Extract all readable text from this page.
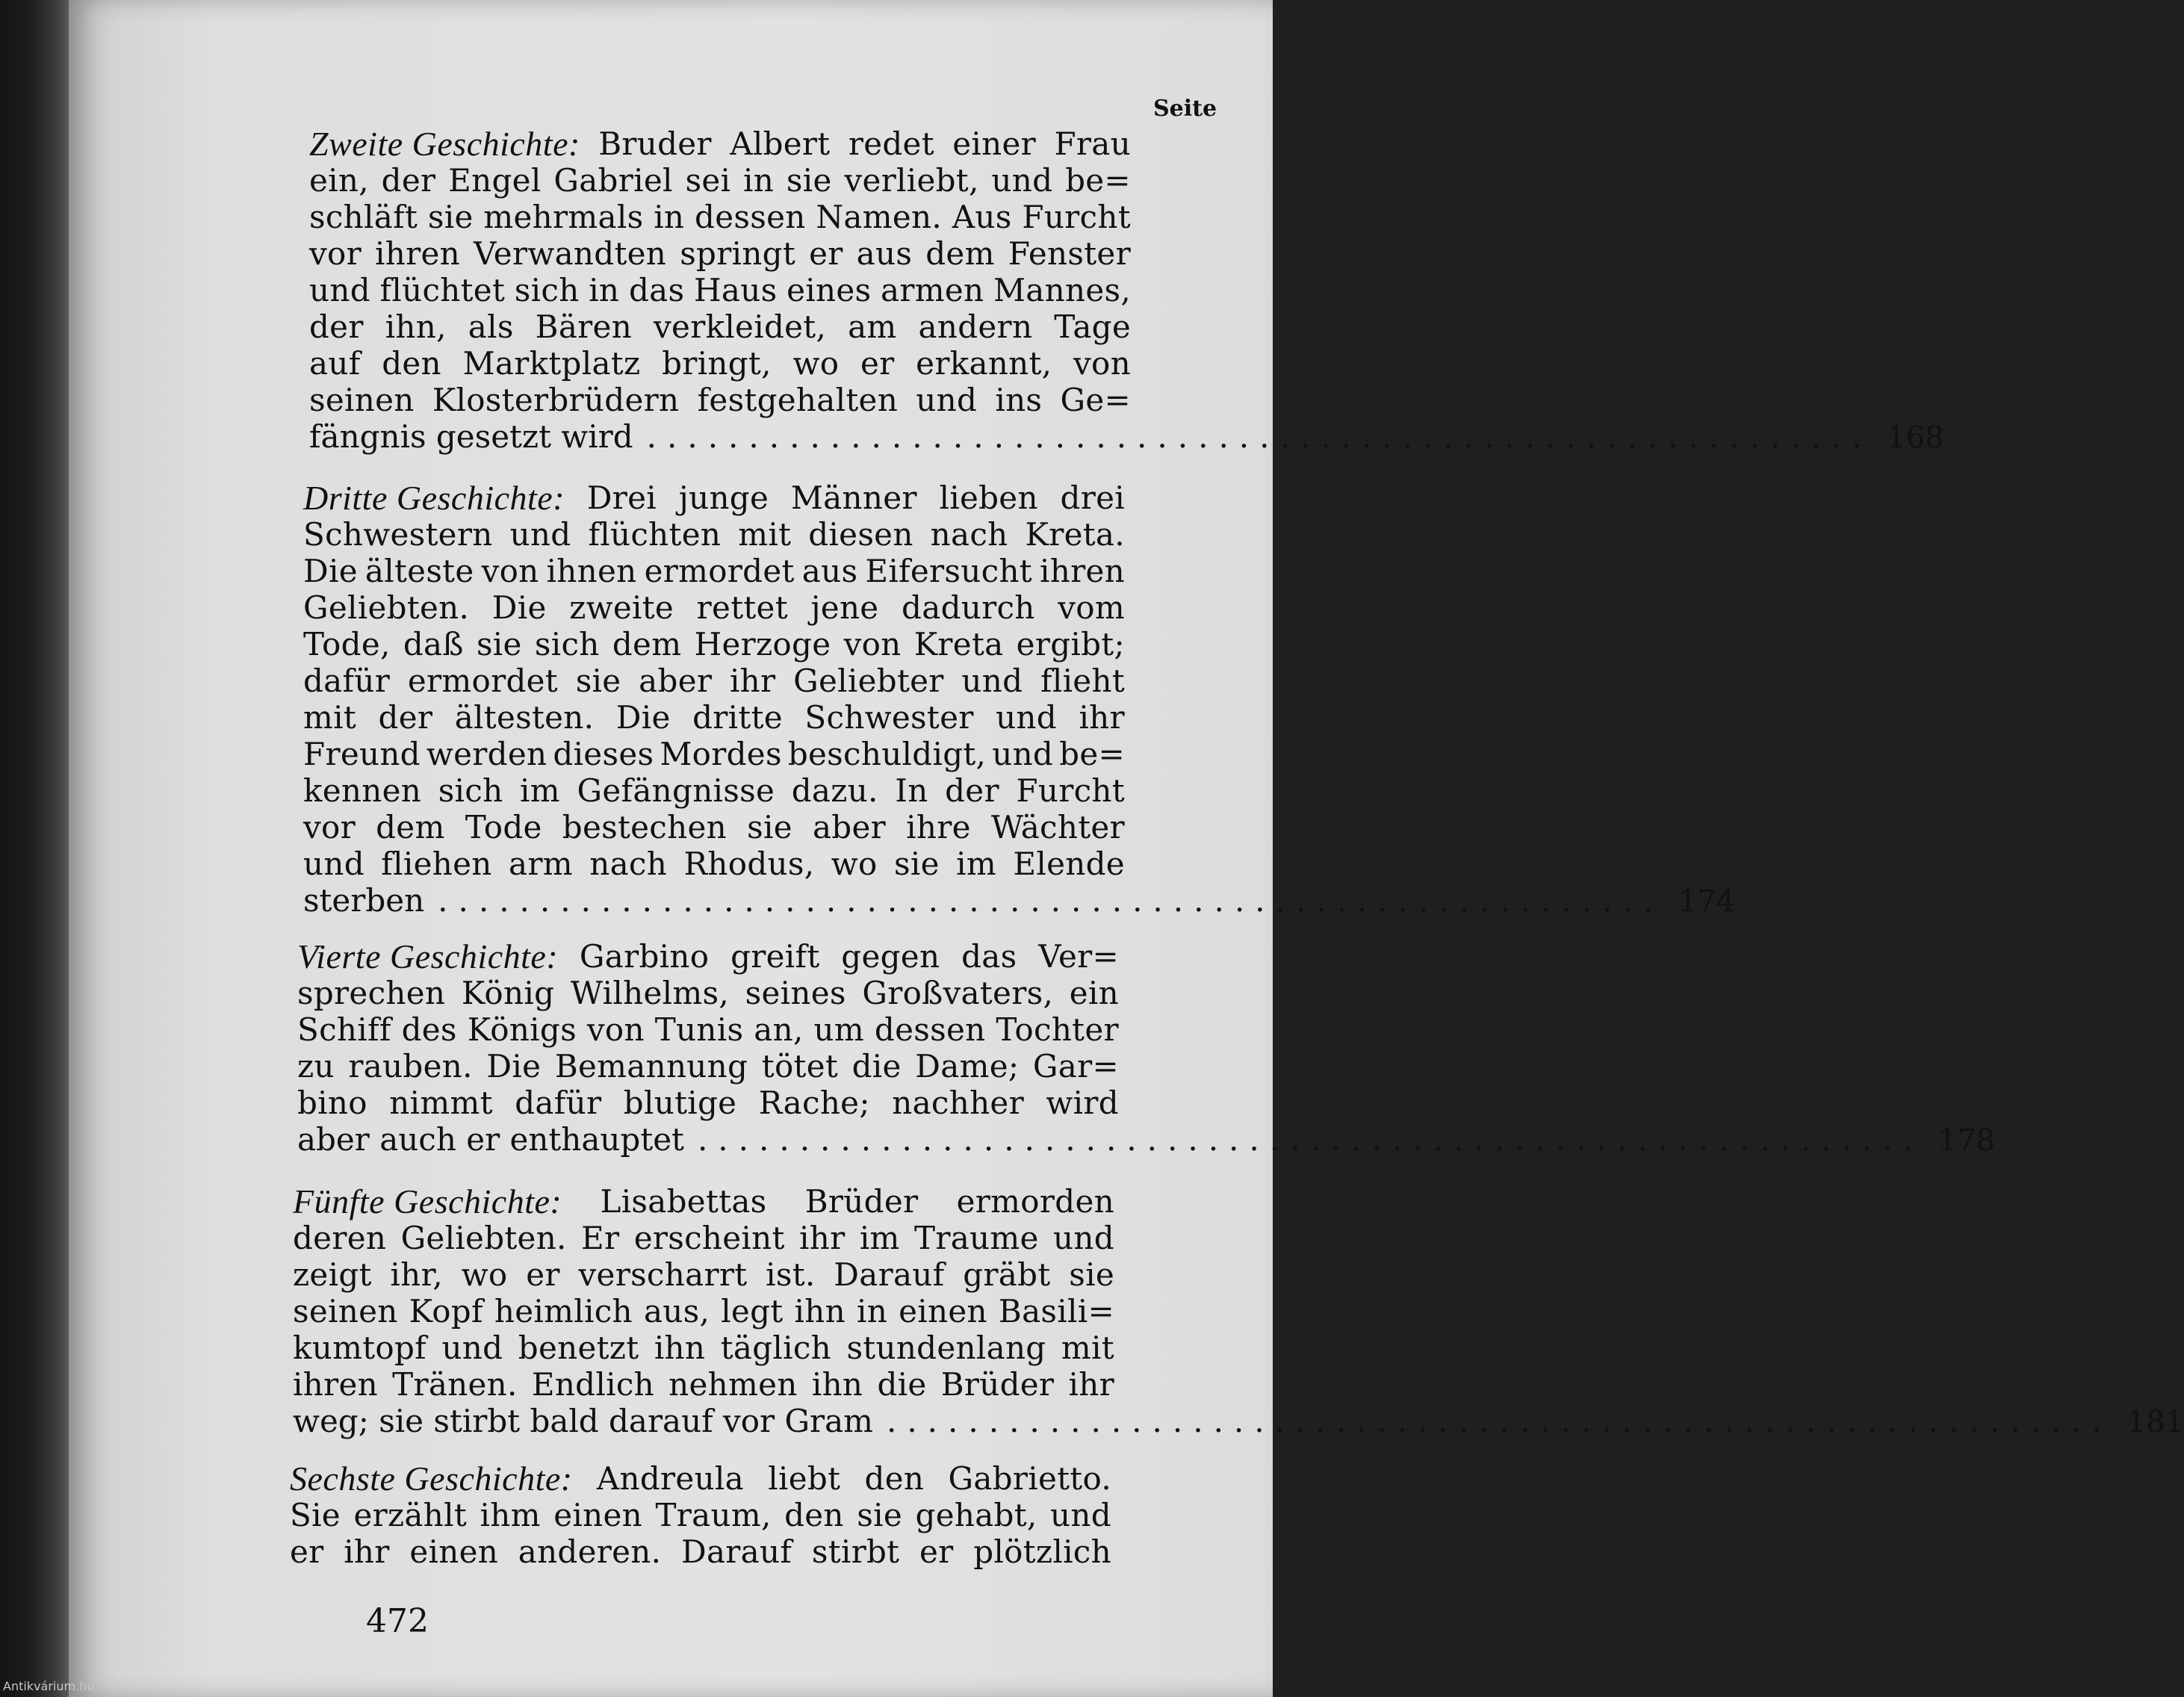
Seite

Zweite Geschichte: Bruder Albert redet einer Frau
ein, der Engel Gabriel sei in sie verliebt, und be=
schläft sie mehrmals in dessen Namen. Aus Furcht
vor ihren Verwandten springt er aus dem Fenster
und flüchtet sich in das Haus eines armen Mannes,
der ihn, als Bären verkleidet, am andern Tage
auf den Marktplatz bringt, wo er erkannt, von
seinen Klosterbrüdern festgehalten und ins Ge=
fängnis gesetzt wird ............................................................ 168
Dritte Geschichte: Drei junge Männer lieben drei
Schwestern und flüchten mit diesen nach Kreta.
Die älteste von ihnen ermordet aus Eifersucht ihren
Geliebten. Die zweite rettet jene dadurch vom
Tode, daß sie sich dem Herzoge von Kreta ergibt;
dafür ermordet sie aber ihr Geliebter und flieht
mit der ältesten. Die dritte Schwester und ihr
Freund werden dieses Mordes beschuldigt, und be=
kennen sich im Gefängnisse dazu. In der Furcht
vor dem Tode bestechen sie aber ihre Wächter
und fliehen arm nach Rhodus, wo sie im Elende
sterben ............................................................ 174
Vierte Geschichte: Garbino greift gegen das Ver=
sprechen König Wilhelms, seines Großvaters, ein
Schiff des Königs von Tunis an, um dessen Tochter
zu rauben. Die Bemannung tötet die Dame; Gar=
bino nimmt dafür blutige Rache; nachher wird
aber auch er enthauptet ............................................................ 178
Fünfte Geschichte: Lisabettas Brüder ermorden
deren Geliebten. Er erscheint ihr im Traume und
zeigt ihr, wo er verscharrt ist. Darauf gräbt sie
seinen Kopf heimlich aus, legt ihn in einen Basili=
kumtopf und benetzt ihn täglich stundenlang mit
ihren Tränen. Endlich nehmen ihn die Brüder ihr
weg; sie stirbt bald darauf vor Gram ............................................................ 181
Sechste Geschichte: Andreula liebt den Gabrietto.
Sie erzählt ihm einen Traum, den sie gehabt, und
er ihr einen anderen. Darauf stirbt er plötzlich

472

Antikvárium.hu
